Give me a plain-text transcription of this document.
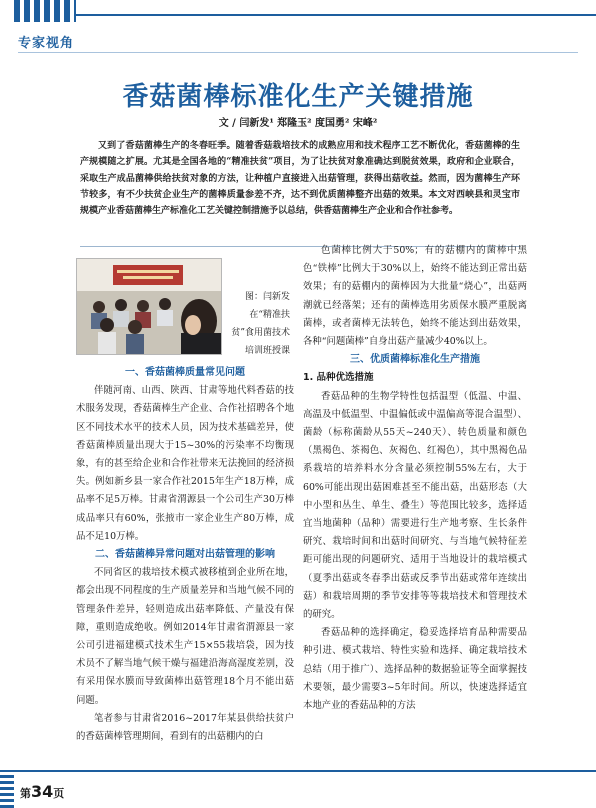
专家视角
香菇菌棒标准化生产关键措施
文 / 闫新发¹ 郑隆玉² 度国勇² 宋峰²

又到了香菇菌棒生产的冬春旺季。随着香菇栽培技术的成熟应用和技术程序工艺不断优化，香菇菌棒的生产规模随之扩展。尤其是全国各地的“精准扶贫”项目，为了让扶贫对象准确达到脱贫效果，政府和企业联合，采取生产成品菌棒供给扶贫对象的方法，让种植户直接进入出菇管理，获得出菇收益。然而，因为菌棒生产环节较多，有不少扶贫企业生产的菌棒质量参差不齐，达不到优质菌棒整齐出菇的效果。本文对西峡县和灵宝市规模产业香菇菌棒生产标准化工艺关键控制措施予以总结，供香菇菌棒生产企业和合作社参考。

图：闫新发在“精准扶贫”食用菌技术培训班授课

一、香菇菌棒质量常见问题

伴随河南、山西、陕西、甘肃等地代料香菇的技术服务发现，香菇菌棒生产企业、合作社招聘各个地区不同技术水平的技术人员，因为技术基础差异，使香菇菌棒质量出现大于15~30%的污染率不均衡现象，有的甚至给企业和合作社带来无法挽回的经济损失。例如新乡县一家合作社2015年生产18万棒，成品率不足5万棒。甘肃省渭源县一个公司生产30万棒成品率只有60%，张掖市一家企业生产80万棒，成品不足10万棒。

二、香菇菌棒异常问题对出菇管理的影响

不同省区的栽培技术模式被移植到企业所在地，都会出现不同程度的生产质量差异和当地气候不同的管理条件差异，轻则造成出菇率降低、产量没有保障，重则造成绝收。例如2014年甘肃省渭源县一家公司引进福建模式技术生产15×55栽培袋，因为技术员不了解当地气候干燥与福建沿海高湿度差别，没有采用保水膜而导致菌棒出菇管理18个月不能出菇问题。

笔者参与甘肃省2016~2017年某县供给扶贫户的香菇菌棒管理期间，看到有的出菇棚内的白

色菌棒比例大于50%；有的菇棚内的菌棒中黑色“铁棒”比例大于30%以上，始终不能达到正常出菇效果；有的菇棚内的菌棒因为大批量“烧心”，出菇两潮就已经落架；还有的菌棒选用劣质保水膜严重脱离菌棒，或者菌棒无法转色，始终不能达到出菇效果，各种“问题菌棒”自身出菇产量减少40%以上。

三、优质菌棒标准化生产措施

1. 品种优选措施

香菇品种的生物学特性包括温型（低温、中温、高温及中低温型、中温偏低或中温偏高等混合温型）、菌龄（标称菌龄从55天~240天）、转色质量和颜色（黑褐色、茶褐色、灰褐色、红褐色），其中黑褐色品系栽培的培养料水分含量必须控制55%左右，大于60%可能出现出菇困难甚至不能出菇，出菇形态（大中小型和丛生、单生、叠生）等范围比较多，选择适宜当地菌种（品种）需要进行生产地考察、生长条件研究、栽培时间和出菇时间研究、与当地气候特征差距可能出现的问题研究、适用于当地设计的栽培模式（夏季出菇或冬春季出菇或反季节出菇或常年连续出菇）和栽培周期的季节安排等等栽培技术和管理技术的研究。

香菇品种的选择确定，稳妥选择培育品种需要品种引进、模式栽培、特性实验和选择、确定栽培技术总结（用于推广）、选择品种的数据验证等全面掌握技术要领，最少需要3~5年时间。所以，快速选择适宜本地产业的香菇品种的方法

第34页
